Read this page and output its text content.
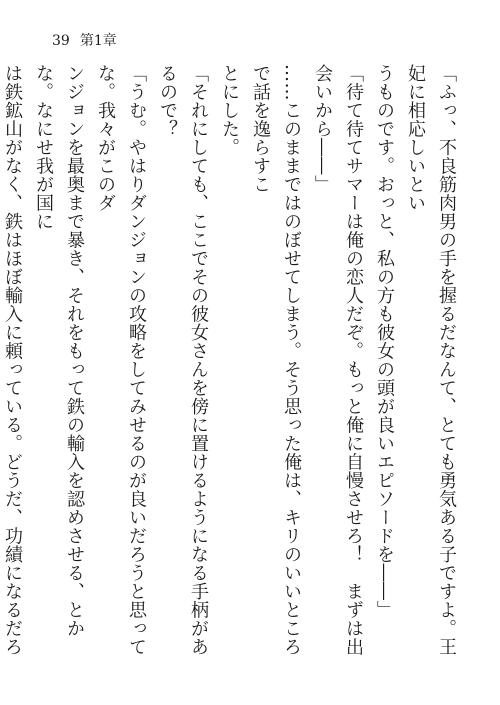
39 第1章

「ふっ、不良筋肉男の手を握るだなんて、とても勇気ある子ですよ。王妃に相応しいとい

うものです。おっと、私の方も彼女の頭が良いエピソードを――」

「待て待てサマーは俺の恋人だぞ。もっと俺に自慢させろ！　まずは出会いから――」

……このままではのぼせてしまう。そう思った俺は、キリのいいところで話を逸らすこ

とにした。

「それにしても、ここでその彼女さんを傍に置けるようになる手柄があるので？

「うむ。やはりダンジョンの攻略をしてみせるのが良いだろうと思ってな。我々がこのダ

ンジョンを最奥まで暴き、それをもって鉄の輸入を認めさせる、とかな。なにせ我が国に

は鉄鉱山がなく、鉄はほぼ輸入に頼っている。どうだ、功績になるだろ
